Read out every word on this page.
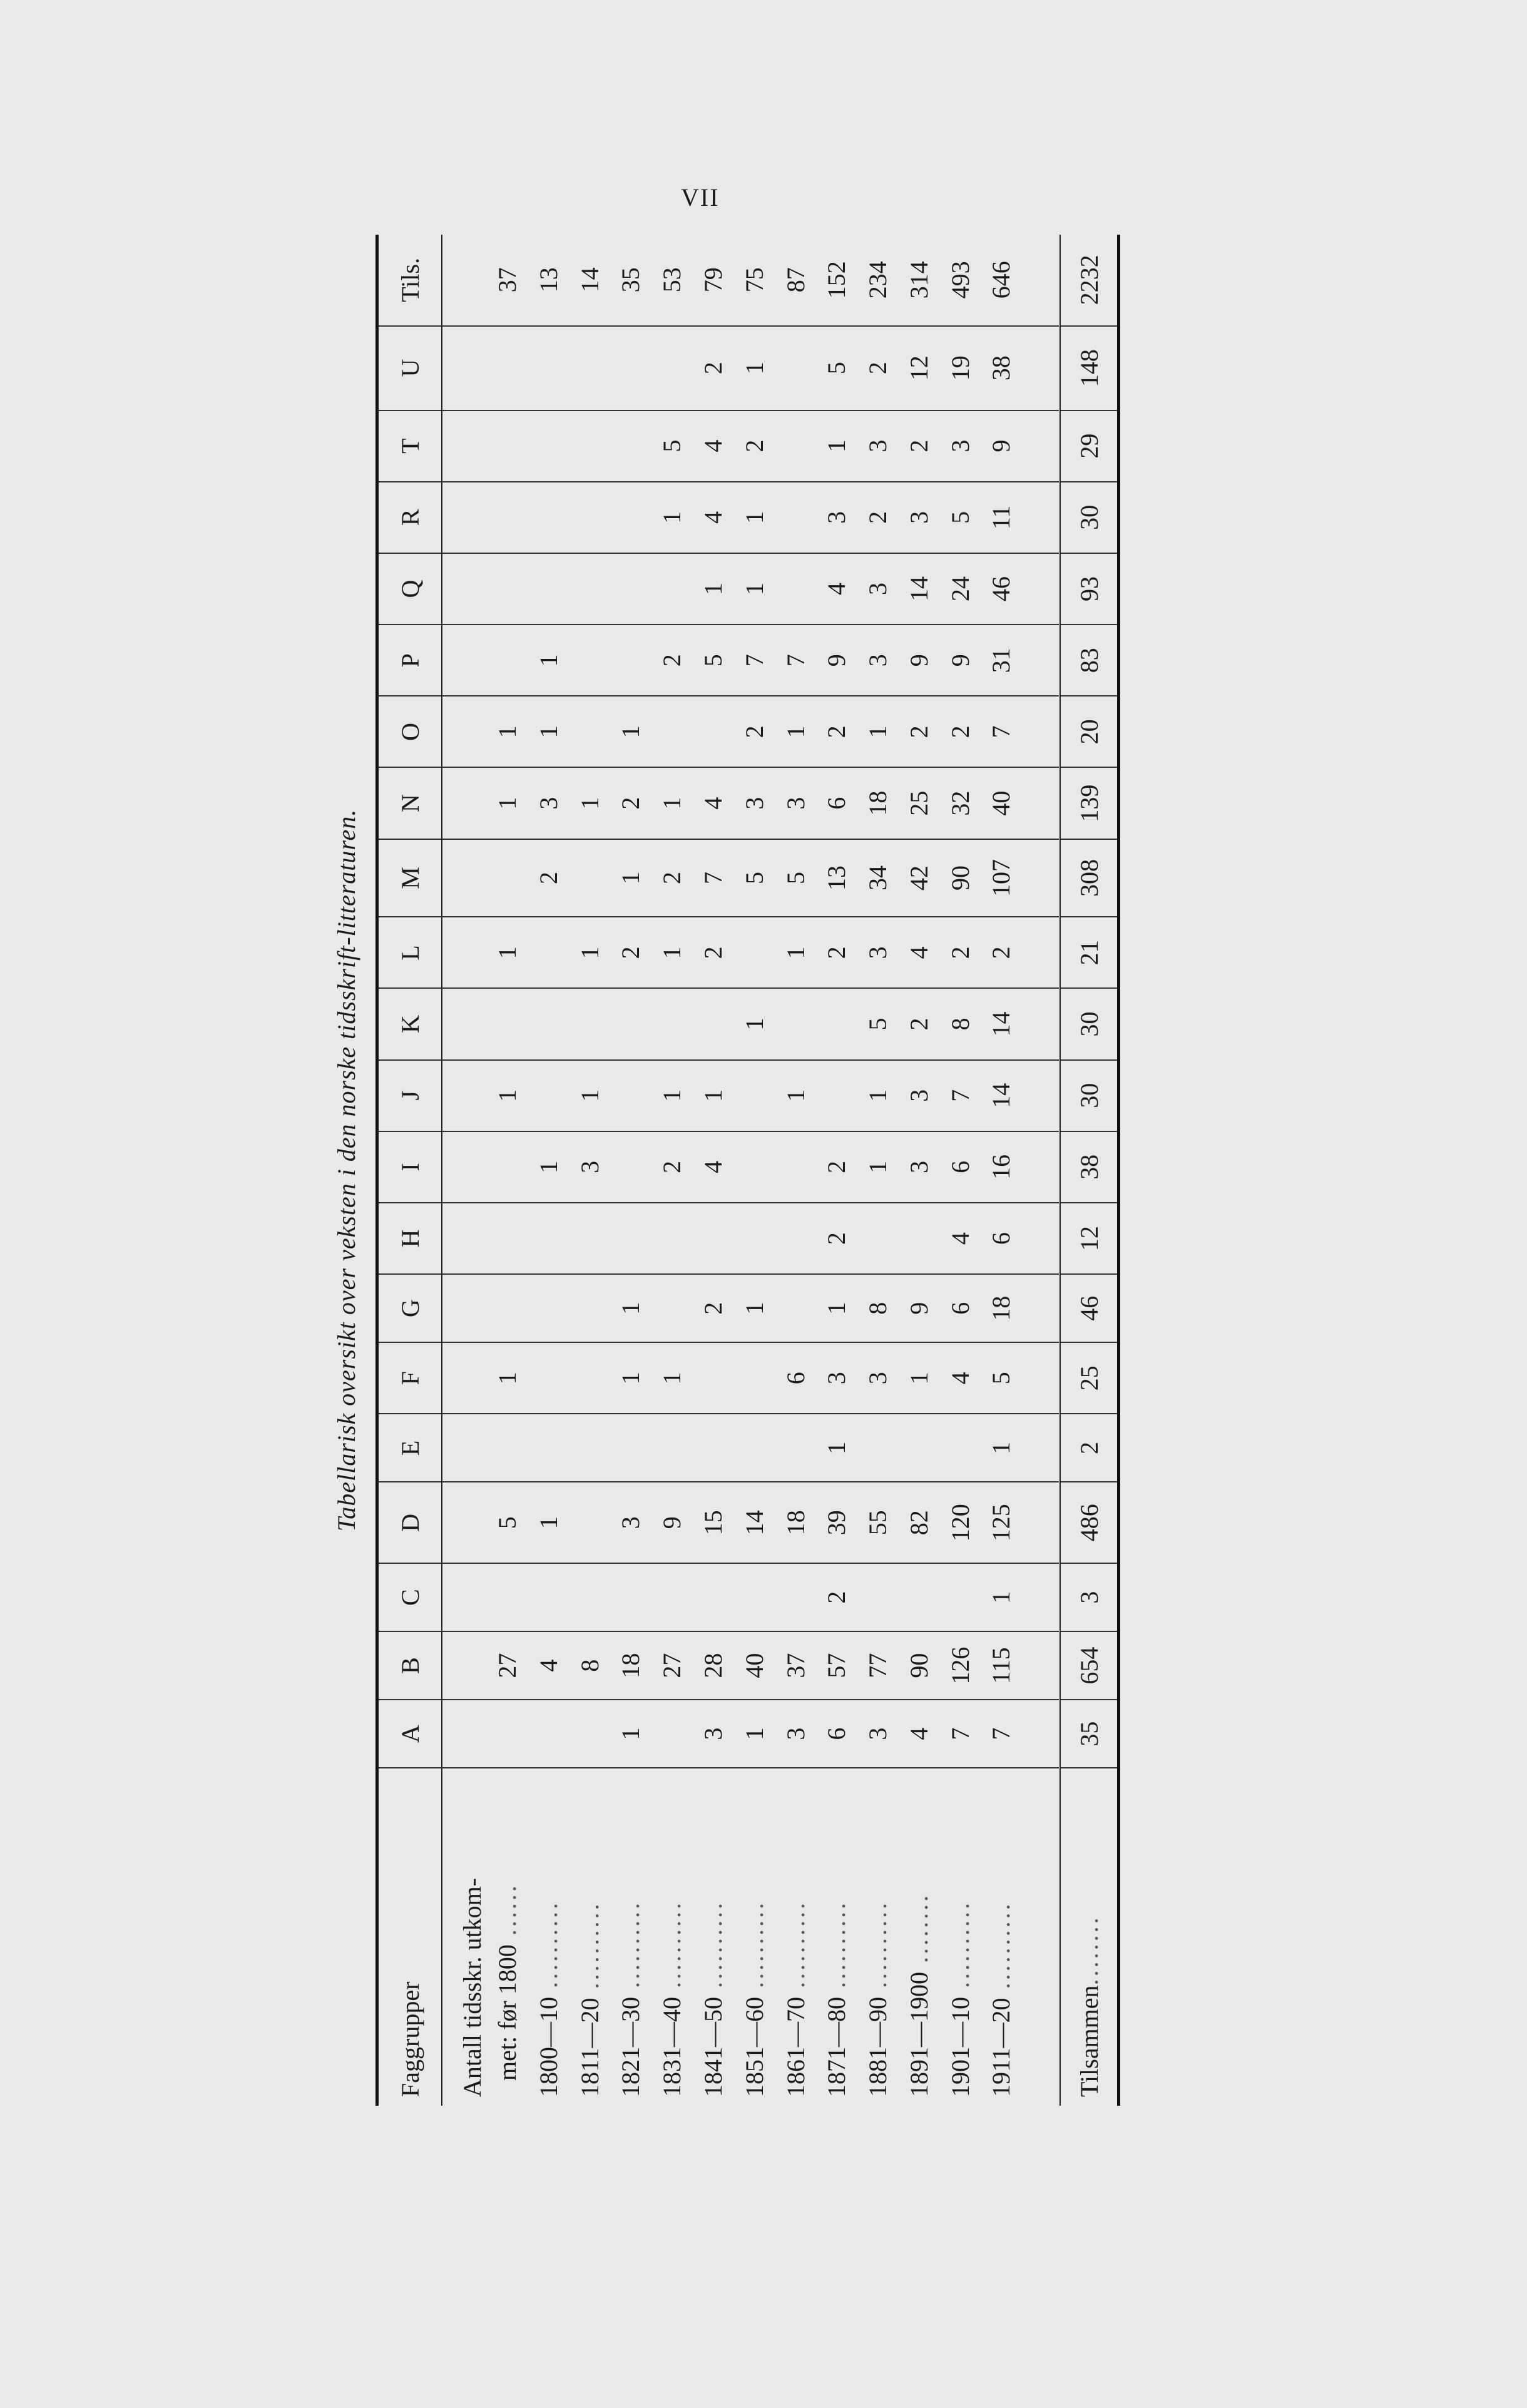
VII
Tabellarisk oversikt over veksten i den norske tidsskrift-litteraturen.
Faggrupper	A	B	C	D	E	F	G	H	I	J	K	L	M	N	O	P	Q	R	T	U	Tils.
Antall tidsskr. utkom-																					
met: før 1800 ......		27		5		1				1		1		1	1						37
1800—10 ..........		4		1					1				2	3	1	1					13
1811—20 ..........		8							3	1		1		1							14
1821—30 ..........	1	18		3		1	1					2	1	2	1						35
1831—40 ..........		27		9		1			2	1		1	2	1		2		1	5		53
1841—50 ..........	3	28		15			2		4	1		2	7	4		5	1	4	4	2	79
1851—60 ..........	1	40		14			1				1		5	3	2	7	1	1	2	1	75
1861—70 ..........	3	37		18		6				1		1	5	3	1	7					87
1871—80 ..........	6	57	2	39	1	3	1	2	2			2	13	6	2	9	4	3	1	5	152
1881—90 ..........	3	77		55		3	8		1	1	5	3	34	18	1	3	3	2	3	2	234
1891—1900 ........	4	90		82		1	9		3	3	2	4	42	25	2	9	14	3	2	12	314
1901—10 ..........	7	126		120		4	6	4	6	7	8	2	90	32	2	9	24	5	3	19	493
1911—20 ..........	7	115	1	125	1	5	18	6	16	14	14	2	107	40	7	31	46	11	9	38	646

Tilsammen........	35	654	3	486	2	25	46	12	38	30	30	21	308	139	20	83	93	30	29	148	2232
